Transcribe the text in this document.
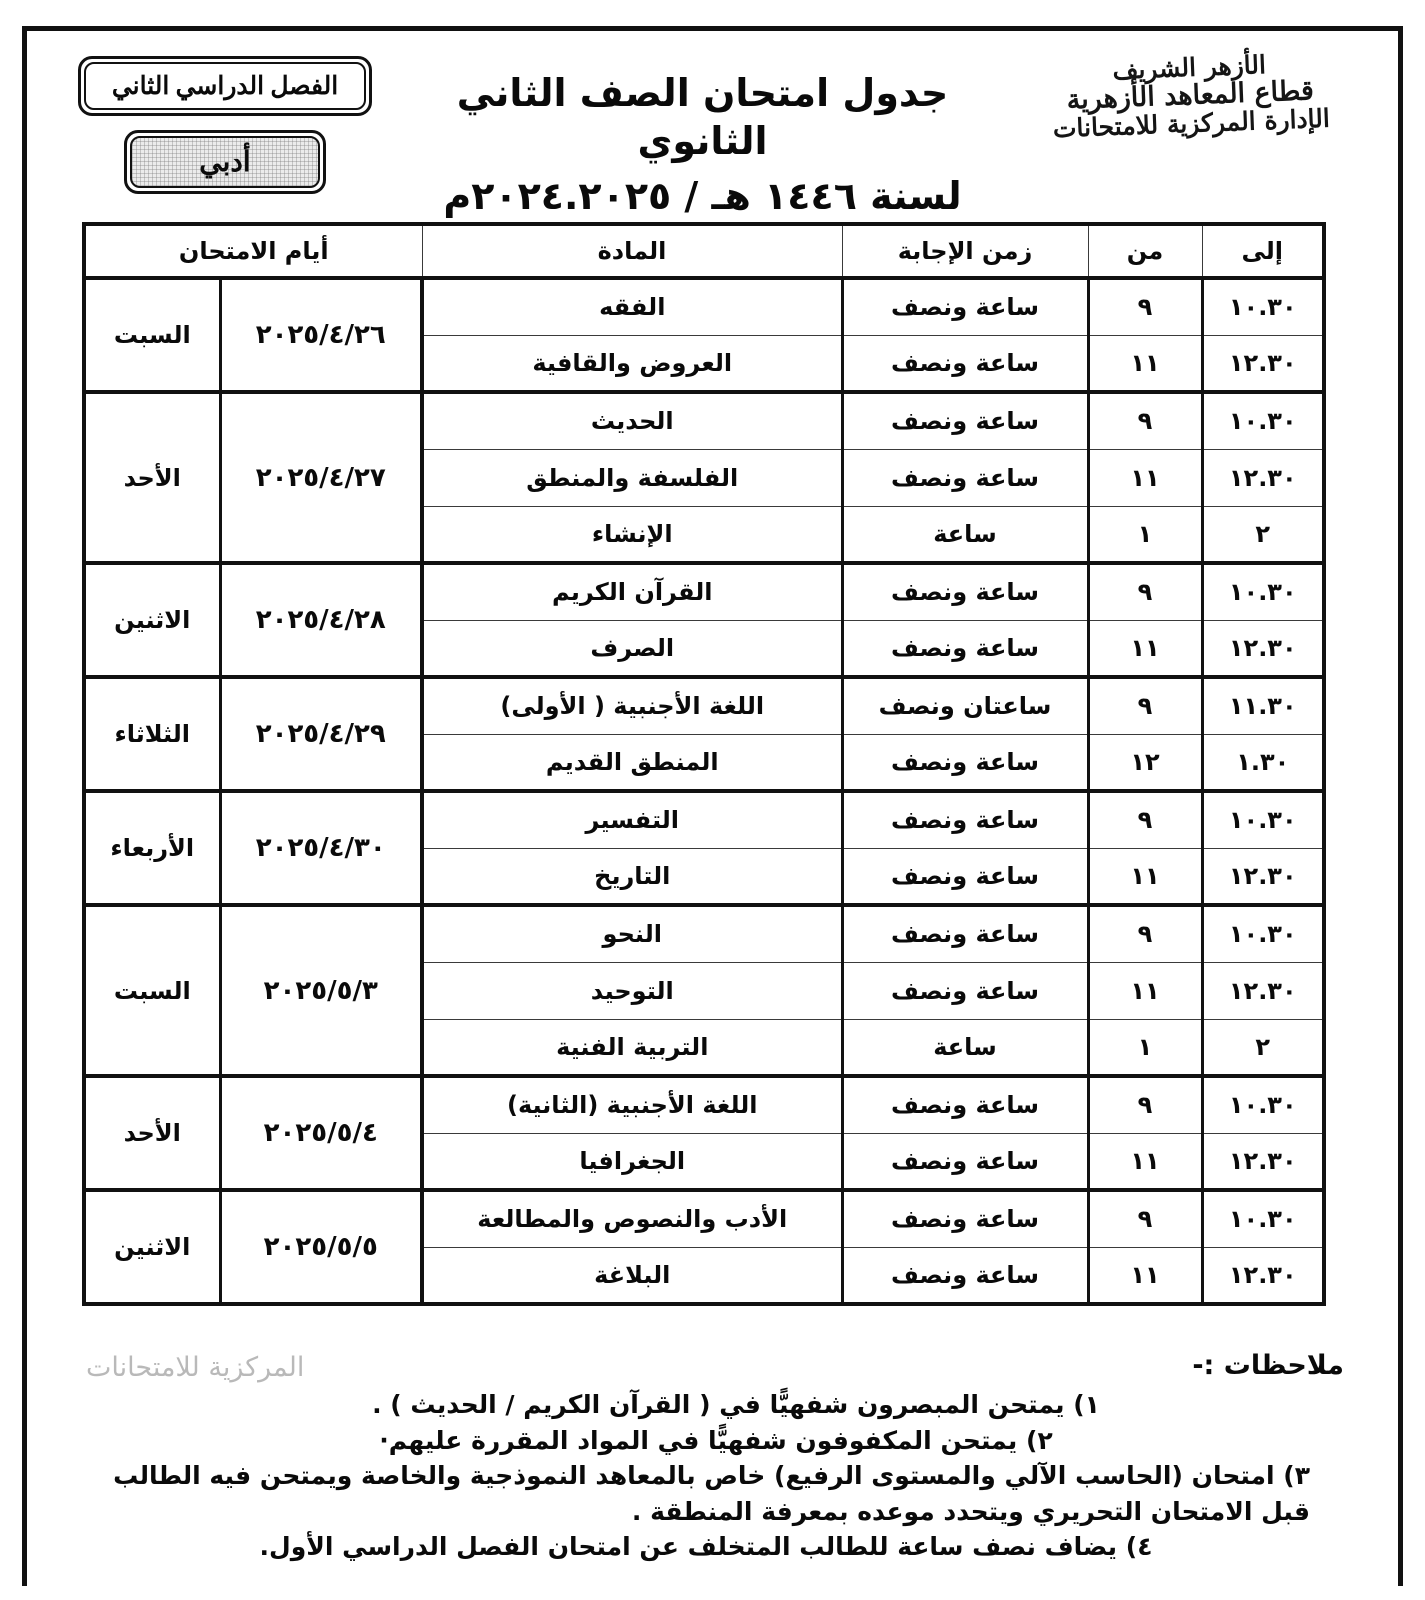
الأزهر الشريف
قطاع المعاهد الأزهرية
الإدارة المركزية للامتحانات
جدول امتحان الصف الثاني الثانوي
لسنة ١٤٤٦ هـ / ٢٠٢٤.٢٠٢٥م
الفصل الدراسي الثاني
أدبي
إلى	من	زمن الإجابة	المادة	أيام الامتحان	
١٠.٣٠	٩	ساعة ونصف	الفقه	٢٠٢٥/٤/٢٦	السبت
١٢.٣٠	١١	ساعة ونصف	العروض والقافية		
١٠.٣٠	٩	ساعة ونصف	الحديث	٢٠٢٥/٤/٢٧	الأحد
١٢.٣٠	١١	ساعة ونصف	الفلسفة والمنطق		
٢	١	ساعة	الإنشاء		
١٠.٣٠	٩	ساعة ونصف	القرآن الكريم	٢٠٢٥/٤/٢٨	الاثنين
١٢.٣٠	١١	ساعة ونصف	الصرف		
١١.٣٠	٩	ساعتان ونصف	اللغة الأجنبية ( الأولى)	٢٠٢٥/٤/٢٩	الثلاثاء
١.٣٠	١٢	ساعة ونصف	المنطق القديم		
١٠.٣٠	٩	ساعة ونصف	التفسير	٢٠٢٥/٤/٣٠	الأربعاء
١٢.٣٠	١١	ساعة ونصف	التاريخ		
١٠.٣٠	٩	ساعة ونصف	النحو	٢٠٢٥/٥/٣	السبت
١٢.٣٠	١١	ساعة ونصف	التوحيد		
٢	١	ساعة	التربية الفنية		
١٠.٣٠	٩	ساعة ونصف	اللغة الأجنبية (الثانية)	٢٠٢٥/٥/٤	الأحد
١٢.٣٠	١١	ساعة ونصف	الجغرافيا		
١٠.٣٠	٩	ساعة ونصف	الأدب والنصوص والمطالعة	٢٠٢٥/٥/٥	الاثنين
١٢.٣٠	١١	ساعة ونصف	البلاغة		
المركزية للامتحانات	ملاحظات :-
١) يمتحن المبصرون شفهيًّا في ( القرآن الكريم / الحديث ) .
٢) يمتحن المكفوفون شفهيًّا في المواد المقررة عليهم·
٣) امتحان (الحاسب الآلي والمستوى الرفيع) خاص بالمعاهد النموذجية والخاصة ويمتحن فيه الطالب قبل الامتحان التحريري ويتحدد موعده بمعرفة المنطقة .
٤) يضاف نصف ساعة للطالب المتخلف عن امتحان الفصل الدراسي الأول.
